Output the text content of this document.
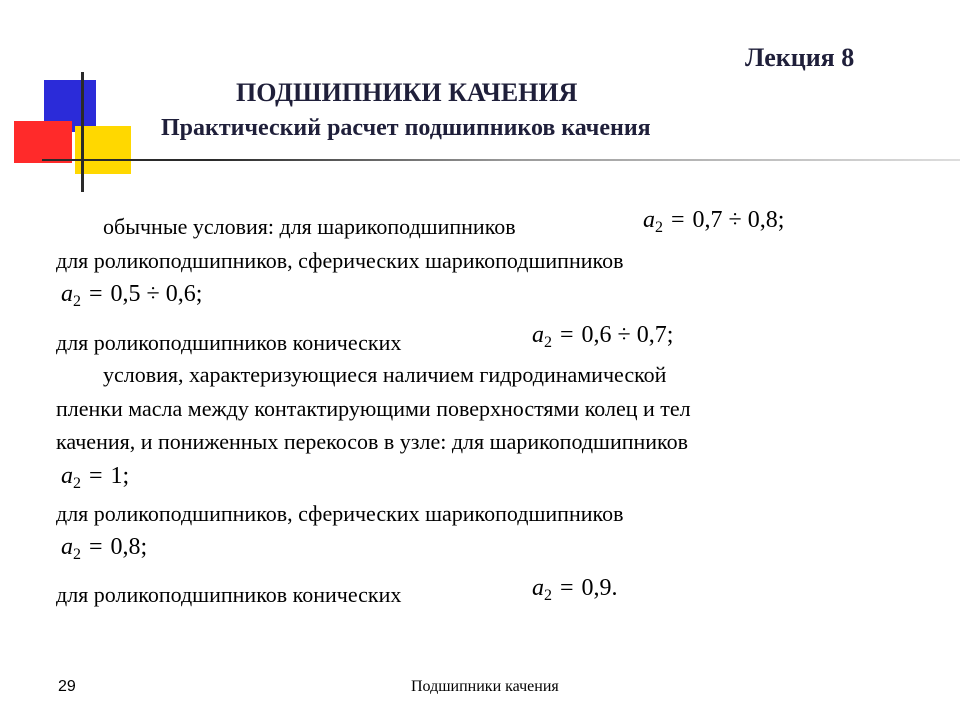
Лекция 8
ПОДШИПНИКИ КАЧЕНИЯ
Практический расчет подшипников качения
обычные условия: для шарикоподшипников	$a_2 = 0,7 \div 0,8$;
для роликоподшипников, сферических шарикоподшипников
$a_2 = 0,5 \div 0,6$;
для роликоподшипников конических	$a_2 = 0,6 \div 0,7$;
условия, характеризующиеся наличием гидродинамической
пленки масла между контактирующими поверхностями колец и тел
качения, и пониженных перекосов в узле: для шарикоподшипников
$a_2 = 1$;
для роликоподшипников, сферических шарикоподшипников
$a_2 = 0,8$;
для роликоподшипников конических	$a_2 = 0,9$.
29	Подшипники качения
